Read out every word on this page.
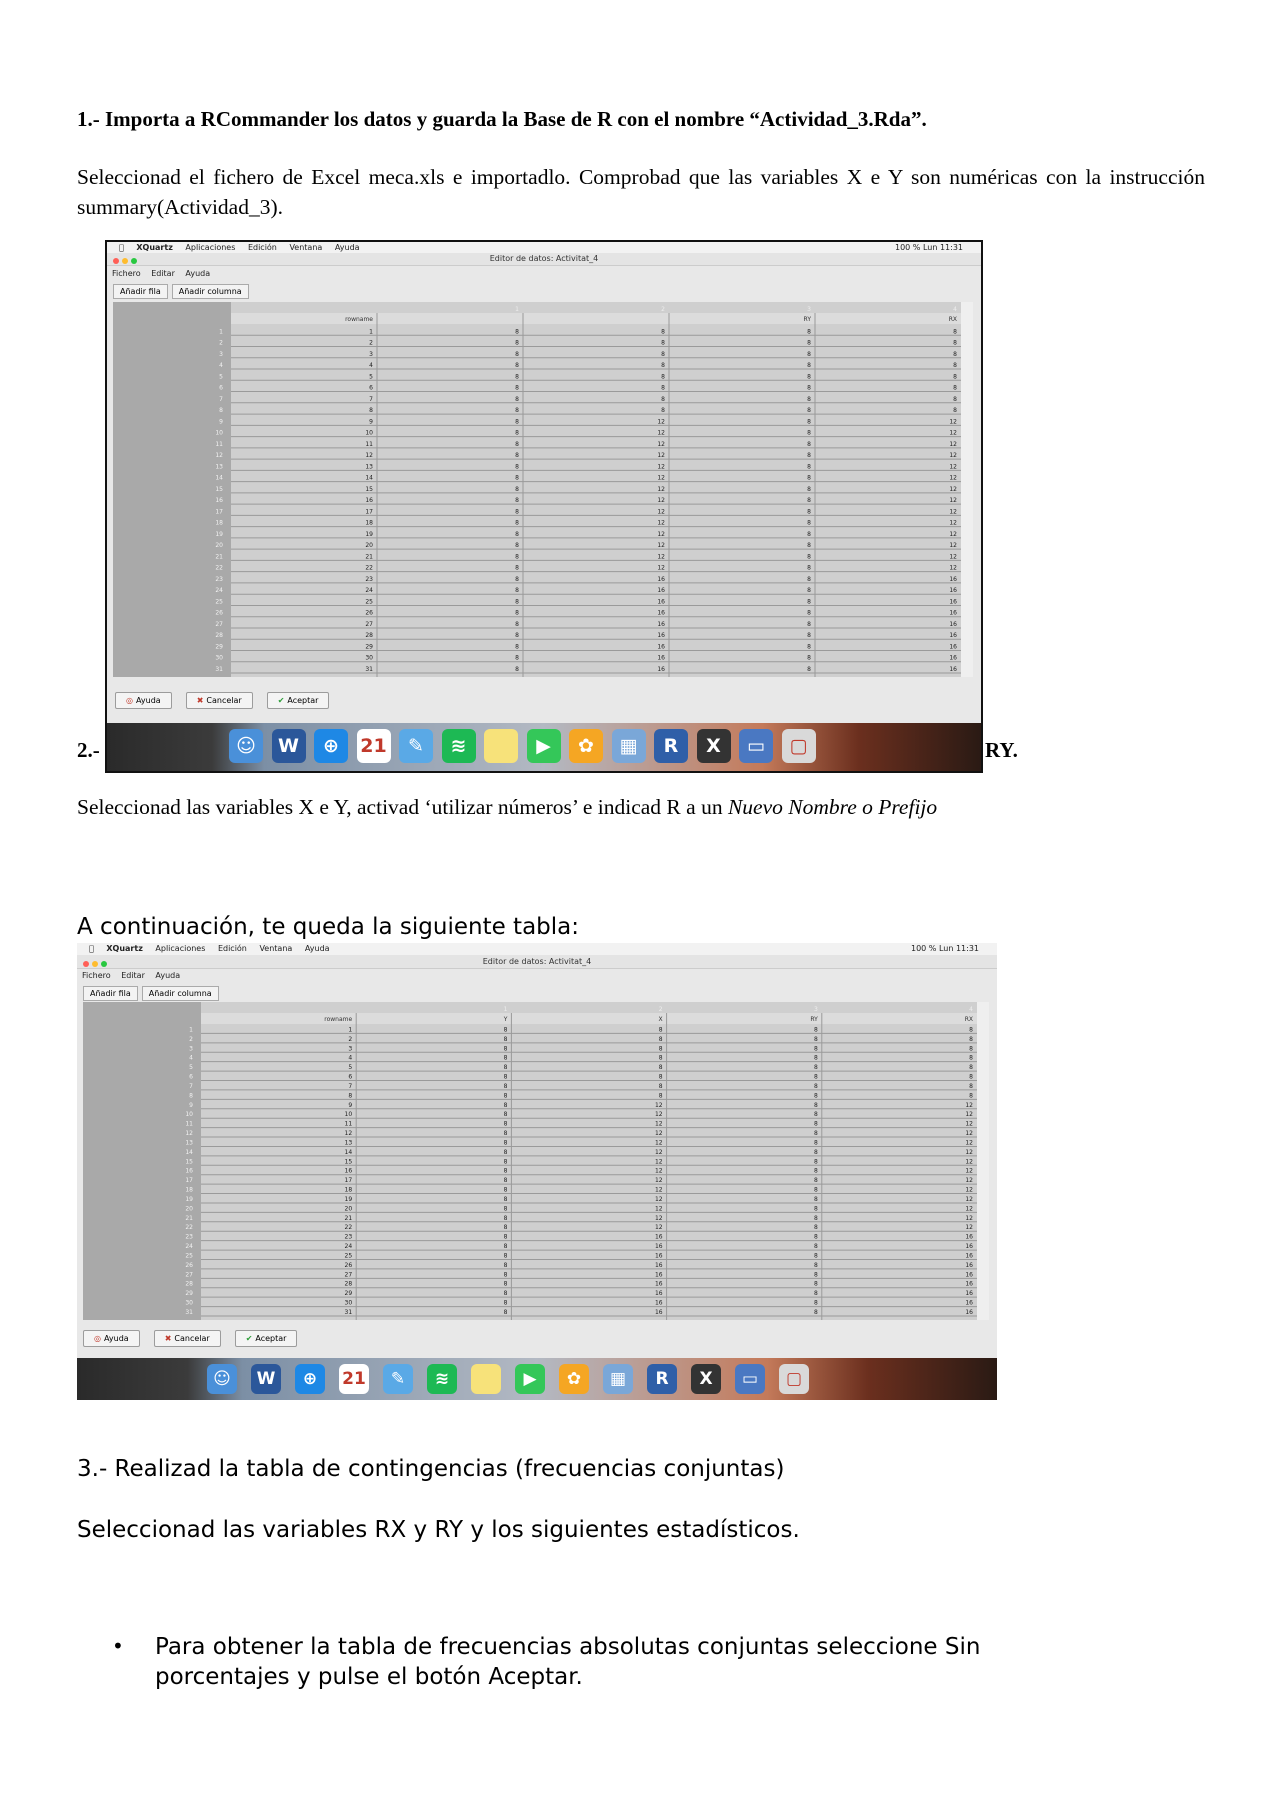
1.- Importa a RCommander los datos y guarda la Base de R con el nombre “Actividad_3.Rda”.
Seleccionad el fichero de Excel meca.xls e importadlo. Comprobad que las variables X e Y son numéricas con la instrucción summary(Actividad_3).
XQuartz Aplicaciones Edición Ventana Ayuda	100 % Lun 11:31
Editor de datos: Activitat_4
Fichero Editar Ayuda
Añadir fila Añadir columna
1	2	3	4
rowname	RY	RX
1	1	8	8	8	8
2	2	8	8	8	8
3	3	8	8	8	8
4	4	8	8	8	8
5	5	8	8	8	8
6	6	8	8	8	8
7	7	8	8	8	8
8	8	8	8	8	8
9	9	8	12	8	12
10	10	8	12	8	12
11	11	8	12	8	12
12	12	8	12	8	12
13	13	8	12	8	12
14	14	8	12	8	12
15	15	8	12	8	12
16	16	8	12	8	12
17	17	8	12	8	12
18	18	8	12	8	12
19	19	8	12	8	12
20	20	8	12	8	12
21	21	8	12	8	12
22	22	8	12	8	12
23	23	8	16	8	16
24	24	8	16	8	16
25	25	8	16	8	16
26	26	8	16	8	16
27	27	8	16	8	16
28	28	8	16	8	16
29	29	8	16	8	16
30	30	8	16	8	16
31	31	8	16	8	16
◎ Ayuda	✖ Cancelar	✔ Aceptar
☺	W	⊕	21	✎	≋	▶	✿	▦	R	X	▭	▢
2.-	RY.
Seleccionad las variables X e Y, activad ‘utilizar números’ e indicad R a un Nuevo Nombre o Prefijo
A continuación, te queda la siguiente tabla:
XQuartz Aplicaciones Edición Ventana Ayuda	100 % Lun 11:31
Editor de datos: Activitat_4
Fichero Editar Ayuda
Añadir fila Añadir columna
1	2	3	4
rowname	Y	X	RY	RX
1	1	8	8	8	8
2	2	8	8	8	8
3	3	8	8	8	8
4	4	8	8	8	8
5	5	8	8	8	8
6	6	8	8	8	8
7	7	8	8	8	8
8	8	8	8	8	8
9	9	8	12	8	12
10	10	8	12	8	12
11	11	8	12	8	12
12	12	8	12	8	12
13	13	8	12	8	12
14	14	8	12	8	12
15	15	8	12	8	12
16	16	8	12	8	12
17	17	8	12	8	12
18	18	8	12	8	12
19	19	8	12	8	12
20	20	8	12	8	12
21	21	8	12	8	12
22	22	8	12	8	12
23	23	8	16	8	16
24	24	8	16	8	16
25	25	8	16	8	16
26	26	8	16	8	16
27	27	8	16	8	16
28	28	8	16	8	16
29	29	8	16	8	16
30	30	8	16	8	16
31	31	8	16	8	16
◎ Ayuda	✖ Cancelar	✔ Aceptar
☺	W	⊕	21	✎	≋	▶	✿	▦	R	X	▭	▢
3.- Realizad la tabla de contingencias (frecuencias conjuntas)
Seleccionad las variables RX y RY y los siguientes estadísticos.
• Para obtener la tabla de frecuencias absolutas conjuntas seleccione Sin
porcentajes y pulse el botón Aceptar.
